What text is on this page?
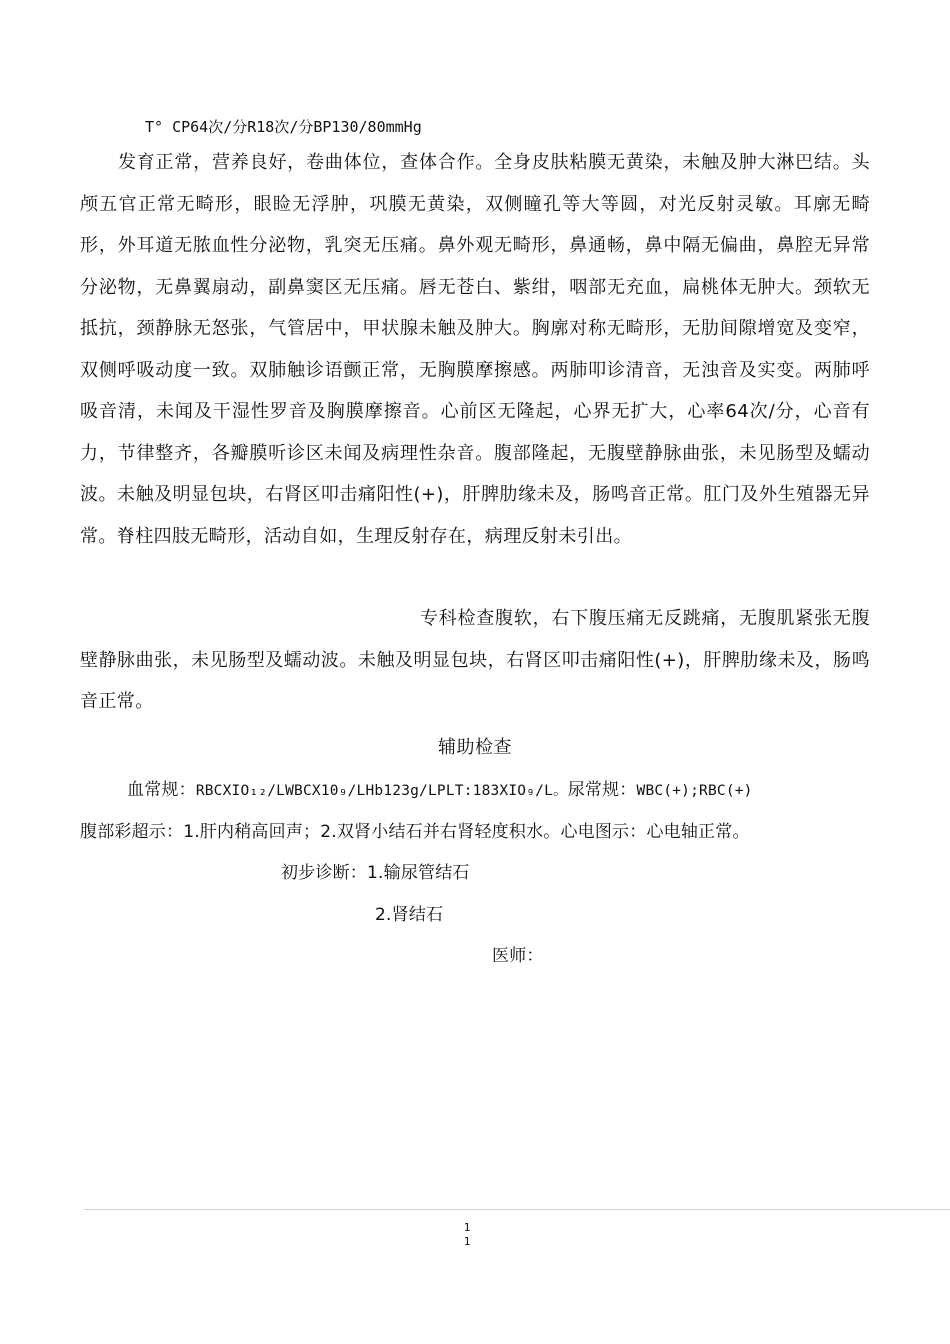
T° CP64次/分R18次/分BP130/80mmHg

发育正常，营养良好，卷曲体位，查体合作。全身皮肤粘膜无黄染，未触及肿大淋巴结。头颅五官正常无畸形，眼睑无浮肿，巩膜无黄染，双侧瞳孔等大等圆，对光反射灵敏。耳廓无畸形，外耳道无脓血性分泌物，乳突无压痛。鼻外观无畸形，鼻通畅，鼻中隔无偏曲，鼻腔无异常分泌物，无鼻翼扇动，副鼻窦区无压痛。唇无苍白、紫绀，咽部无充血，扁桃体无肿大。颈软无抵抗，颈静脉无怒张，气管居中，甲状腺未触及肿大。胸廓对称无畸形，无肋间隙增宽及变窄，双侧呼吸动度一致。双肺触诊语颤正常，无胸膜摩擦感。两肺叩诊清音，无浊音及实变。两肺呼吸音清，未闻及干湿性罗音及胸膜摩擦音。心前区无隆起，心界无扩大，心率64次/分，心音有力，节律整齐，各瓣膜听诊区未闻及病理性杂音。腹部隆起，无腹壁静脉曲张，未见肠型及蠕动波。未触及明显包块，右肾区叩击痛阳性(+)，肝脾肋缘未及，肠鸣音正常。肛门及外生殖器无异常。脊柱四肢无畸形，活动自如，生理反射存在，病理反射未引出。

专科检查腹软，右下腹压痛无反跳痛，无腹肌紧张无腹壁静脉曲张，未见肠型及蠕动波。未触及明显包块，右肾区叩击痛阳性(+)，肝脾肋缘未及，肠鸣音正常。

辅助检查
血常规：RBCXIO₁₂/LWBCX10₉/LHb123g/LPLT:183XIO₉/L。尿常规：WBC(+);RBC(+)
腹部彩超示：1.肝内稍高回声；2.双肾小结石并右肾轻度积水。心电图示：心电轴正常。
初步诊断：1.输尿管结石
2.肾结石
医师：
1
1
